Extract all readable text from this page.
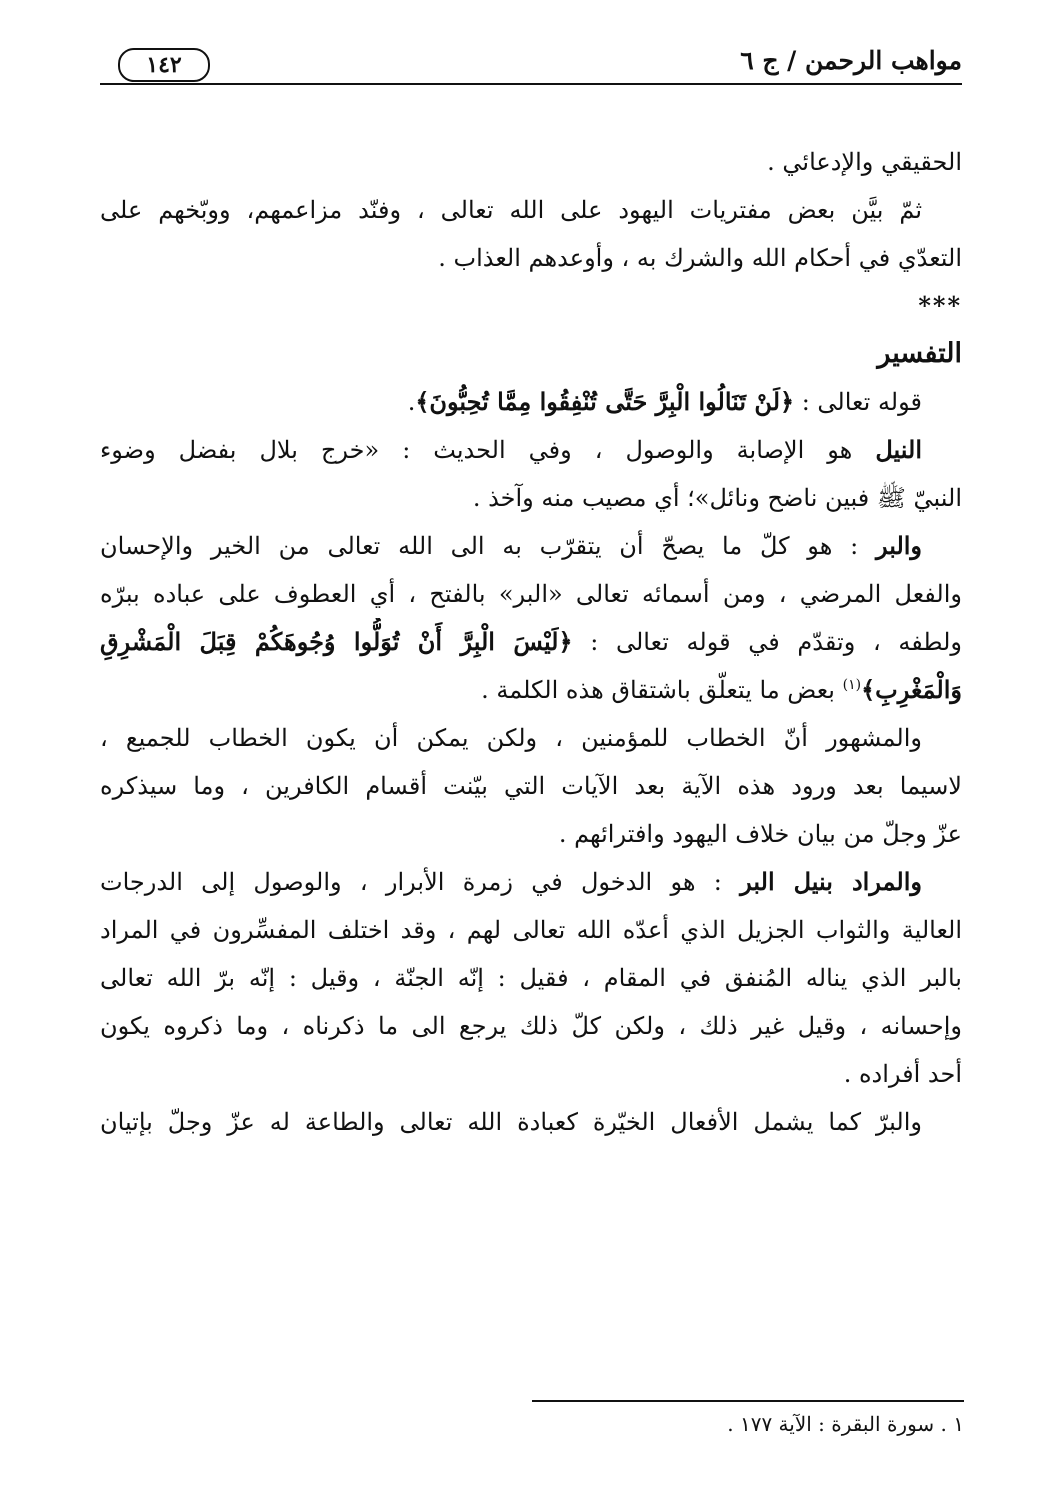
مواهب الرحمن / ج ٦
١٤٢
الحقيقي والإدعائي .
ثمّ بيَّن بعض مفتريات اليهود على الله تعالى ، وفنّد مزاعمهم، ووبّخهم على
التعدّي في أحكام الله والشرك به ، وأوعدهم العذاب .
***
التفسير
قوله تعالى : ﴿لَنْ تَنَالُوا الْبِرَّ حَتَّى تُنْفِقُوا مِمَّا تُحِبُّونَ﴾.
النيل هو الإصابة والوصول ، وفي الحديث : «خرج بلال بفضل وضوء
النبيّ ﷺ فبين ناضح ونائل»؛ أي مصيب منه وآخذ .
والبر : هو كلّ ما يصحّ أن يتقرّب به الى الله تعالى من الخير والإحسان
والفعل المرضي ، ومن أسمائه تعالى «البر» بالفتح ، أي العطوف على عباده ببرّه
ولطفه ، وتقدّم في قوله تعالى : ﴿لَيْسَ الْبِرَّ أَنْ تُوَلُّوا وُجُوهَكُمْ قِبَلَ الْمَشْرِقِ
وَالْمَغْرِبِ﴾$^{(١)}$ بعض ما يتعلّق باشتقاق هذه الكلمة .
والمشهور أنّ الخطاب للمؤمنين ، ولكن يمكن أن يكون الخطاب للجميع ،
لاسيما بعد ورود هذه الآية بعد الآيات التي بيّنت أقسام الكافرين ، وما سيذكره
عزّ وجلّ من بيان خلاف اليهود وافترائهم .
والمراد بنيل البر : هو الدخول في زمرة الأبرار ، والوصول إلى الدرجات
العالية والثواب الجزيل الذي أعدّه الله تعالى لهم ، وقد اختلف المفسِّرون في المراد
بالبر الذي يناله المُنفق في المقام ، فقيل : إنّه الجنّة ، وقيل : إنّه برّ الله تعالى
وإحسانه ، وقيل غير ذلك ، ولكن كلّ ذلك يرجع الى ما ذكرناه ، وما ذكروه يكون
أحد أفراده .
والبرّ كما يشمل الأفعال الخيّرة كعبادة الله تعالى والطاعة له عزّ وجلّ بإتيان
١ . سورة البقرة : الآية ١٧٧ .
